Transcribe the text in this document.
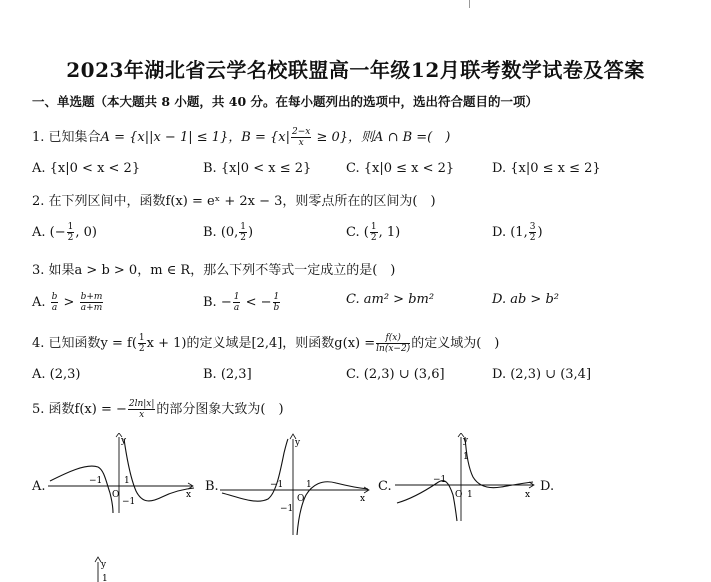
2023年湖北省云学名校联盟高一年级12月联考数学试卷及答案
一、单选题（本大题共 8 小题，共 40 分。在每小题列出的选项中，选出符合题目的一项）
1. 已知集合A = {x||x − 1| ≤ 1}，$B = \{x| \frac{2-x}{x} \ge 0\}$，则A ∩ B =(　)
A. {x|0 < x < 2}	B. {x|0 < x ≤ 2}	C. {x|0 ≤ x < 2}	D. {x|0 ≤ x ≤ 2}
2. 在下列区间中，函数f(x) = eˣ + 2x − 3，则零点所在的区间为(　)
A. (− $\frac{1}{2}$ , 0)	B. (0, $\frac{1}{2}$ )	C. ( $\frac{1}{2}$ , 1)	D. (1, $\frac{3}{2}$ )
3. 如果a > b > 0，m ∈ R，那么下列不等式一定成立的是(　)
A. $\frac{b}{a} > \frac{b+m}{a+m}$	B. − $\frac{1}{a}$ < − $\frac{1}{b}$	C. am² > bm²	D. ab > b²
4. 已知函数$y = f( \frac{1}{2}$ x + 1)的定义域是[2,4]，则函数$g(x) = \frac{f(x)}{\ln(x-2)}$ 的定义域为(　)
A. (2,3)	B. (2,3]	C. (2,3) ∪ (3,6]	D. (2,3) ∪ (3,4]
5. 函数f(x) = − $\frac{2\ln|x|}{x}$ 的部分图象大致为(　)
A.	B.	C.	D.
y
x
O
−1 1
−1
y
x
O
−1	1
−1
y
x
O
−1
1
1
y
1
